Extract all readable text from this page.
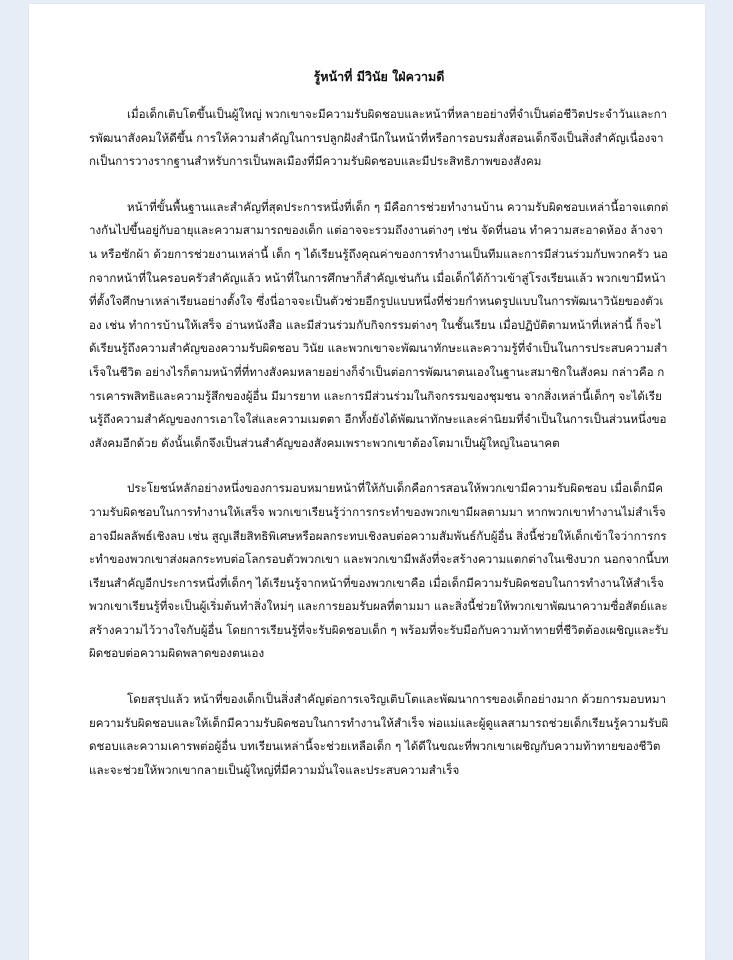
รู้หน้าที่ มีวินัย ใฝ่ความดี

เมื่อเด็กเติบโตขึ้นเป็นผู้ใหญ่ พวกเขาจะมีความรับผิดชอบและหน้าที่หลายอย่างที่จำเป็นต่อชีวิตประจำวันและการพัฒนาสังคมให้ดีขึ้น การให้ความสำคัญในการปลูกฝังสำนึกในหน้าที่หรือการอบรมสั่งสอนเด็กจึงเป็นสิ่งสำคัญเนื่องจากเป็นการวางรากฐานสำหรับการเป็นพลเมืองที่มีความรับผิดชอบและมีประสิทธิภาพของสังคม

หน้าที่ขั้นพื้นฐานและสำคัญที่สุดประการหนึ่งที่เด็ก ๆ มีคือการช่วยทำงานบ้าน ความรับผิดชอบเหล่านี้อาจแตกต่างกันไปขึ้นอยู่กับอายุและความสามารถของเด็ก แต่อาจจะรวมถึงงานต่างๆ เช่น จัดที่นอน ทำความสะอาดห้อง ล้างจาน หรือซักผ้า ด้วยการช่วยงานเหล่านี้ เด็ก ๆ ได้เรียนรู้ถึงคุณค่าของการทำงานเป็นทีมและการมีส่วนร่วมกับพวกครัว นอกจากหน้าที่ในครอบครัวสำคัญแล้ว หน้าที่ในการศึกษาก็สำคัญเช่นกัน เมื่อเด็กได้ก้าวเข้าสู่โรงเรียนแล้ว พวกเขามีหน้าที่ตั้งใจศึกษาเหล่าเรียนอย่างตั้งใจ ซึ่งนี่อาจจะเป็นตัวช่วยอีกรูปแบบหนึ่งที่ช่วยกำหนดรูปแบบในการพัฒนาวินัยของตัวเอง เช่น ทำการบ้านให้เสร็จ อ่านหนังสือ และมีส่วนร่วมกับกิจกรรมต่างๆ ในชั้นเรียน เมื่อปฏิบัติตามหน้าที่เหล่านี้ ก็จะได้เรียนรู้ถึงความสำคัญของความรับผิดชอบ วินัย และพวกเขาจะพัฒนาทักษะและความรู้ที่จำเป็นในการประสบความสำเร็จในชีวิต อย่างไรก็ตามหน้าที่ที่ทางสังคมหลายอย่างก็จำเป็นต่อการพัฒนาตนเองในฐานะสมาชิกในสังคม กล่าวคือ การเคารพสิทธิและความรู้สึกของผู้อื่น มีมารยาท และการมีส่วนร่วมในกิจกรรมของชุมชน จากสิ่งเหล่านี้เด็กๆ จะได้เรียนรู้ถึงความสำคัญของการเอาใจใส่และความเมตตา อีกทั้งยังได้พัฒนาทักษะและค่านิยมที่จำเป็นในการเป็นส่วนหนึ่งของสังคมอีกด้วย ดังนั้นเด็กจึงเป็นส่วนสำคัญของสังคมเพราะพวกเขาต้องโตมาเป็นผู้ใหญ่ในอนาคต

ประโยชน์หลักอย่างหนึ่งของการมอบหมายหน้าที่ให้กับเด็กคือการสอนให้พวกเขามีความรับผิดชอบ เมื่อเด็กมีความรับผิดชอบในการทำงานให้เสร็จ พวกเขาเรียนรู้ว่าการกระทำของพวกเขามีผลตามมา หากพวกเขาทำงานไม่สำเร็จ อาจมีผลลัพธ์เชิงลบ เช่น สูญเสียสิทธิพิเศษหรือผลกระทบเชิงลบต่อความสัมพันธ์กับผู้อื่น สิ่งนี้ช่วยให้เด็กเข้าใจว่าการกระทำของพวกเขาส่งผลกระทบต่อโลกรอบตัวพวกเขา และพวกเขามีพลังที่จะสร้างความแตกต่างในเชิงบวก นอกจากนี้บทเรียนสำคัญอีกประการหนึ่งที่เด็กๆ ได้เรียนรู้จากหน้าที่ของพวกเขาคือ เมื่อเด็กมีความรับผิดชอบในการทำงานให้สำเร็จ พวกเขาเรียนรู้ที่จะเป็นผู้เริ่มต้นทำสิ่งใหม่ๆ และการยอมรับผลที่ตามมา และสิ่งนี้ช่วยให้พวกเขาพัฒนาความซื่อสัตย์และสร้างความไว้วางใจกับผู้อื่น โดยการเรียนรู้ที่จะรับผิดชอบเด็ก ๆ พร้อมที่จะรับมือกับความท้าทายที่ชีวิตต้องเผชิญและรับผิดชอบต่อความผิดพลาดของตนเอง

โดยสรุปแล้ว หน้าที่ของเด็กเป็นสิ่งสำคัญต่อการเจริญเติบโตและพัฒนาการของเด็กอย่างมาก ด้วยการมอบหมายความรับผิดชอบและให้เด็กมีความรับผิดชอบในการทำงานให้สำเร็จ พ่อแม่และผู้ดูแลสามารถช่วยเด็กเรียนรู้ความรับผิดชอบและความเคารพต่อผู้อื่น บทเรียนเหล่านี้จะช่วยเหลือเด็ก ๆ ได้ดีในขณะที่พวกเขาเผชิญกับความท้าทายของชีวิต และจะช่วยให้พวกเขากลายเป็นผู้ใหญ่ที่มีความมั่นใจและประสบความสำเร็จ
